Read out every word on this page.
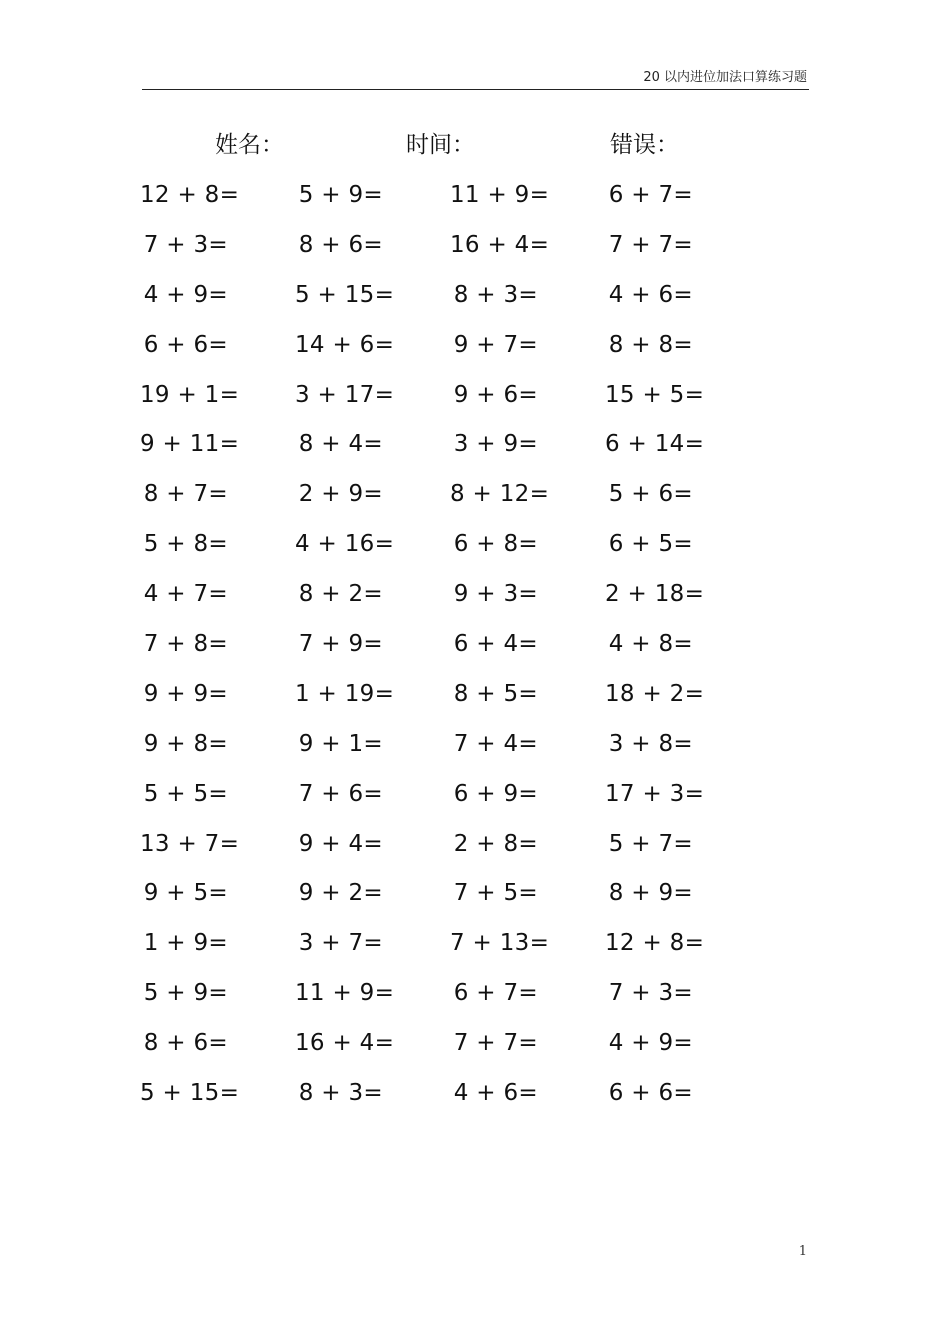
20 以内进位加法口算练习题
姓名：	时间：	错误：
12 + 8=	5 + 9=	11 + 9=	6 + 7=
7 + 3=	8 + 6=	16 + 4=	7 + 7=
4 + 9=	5 + 15=	8 + 3=	4 + 6=
6 + 6=	14 + 6=	9 + 7=	8 + 8=
19 + 1=	3 + 17=	9 + 6=	15 + 5=
9 + 11=	8 + 4=	3 + 9=	6 + 14=
8 + 7=	2 + 9=	8 + 12=	5 + 6=
5 + 8=	4 + 16=	6 + 8=	6 + 5=
4 + 7=	8 + 2=	9 + 3=	2 + 18=
7 + 8=	7 + 9=	6 + 4=	4 + 8=
9 + 9=	1 + 19=	8 + 5=	18 + 2=
9 + 8=	9 + 1=	7 + 4=	3 + 8=
5 + 5=	7 + 6=	6 + 9=	17 + 3=
13 + 7=	9 + 4=	2 + 8=	5 + 7=
9 + 5=	9 + 2=	7 + 5=	8 + 9=
1 + 9=	3 + 7=	7 + 13=	12 + 8=
5 + 9=	11 + 9=	6 + 7=	7 + 3=
8 + 6=	16 + 4=	7 + 7=	4 + 9=
5 + 15=	8 + 3=	4 + 6=	6 + 6=
1
